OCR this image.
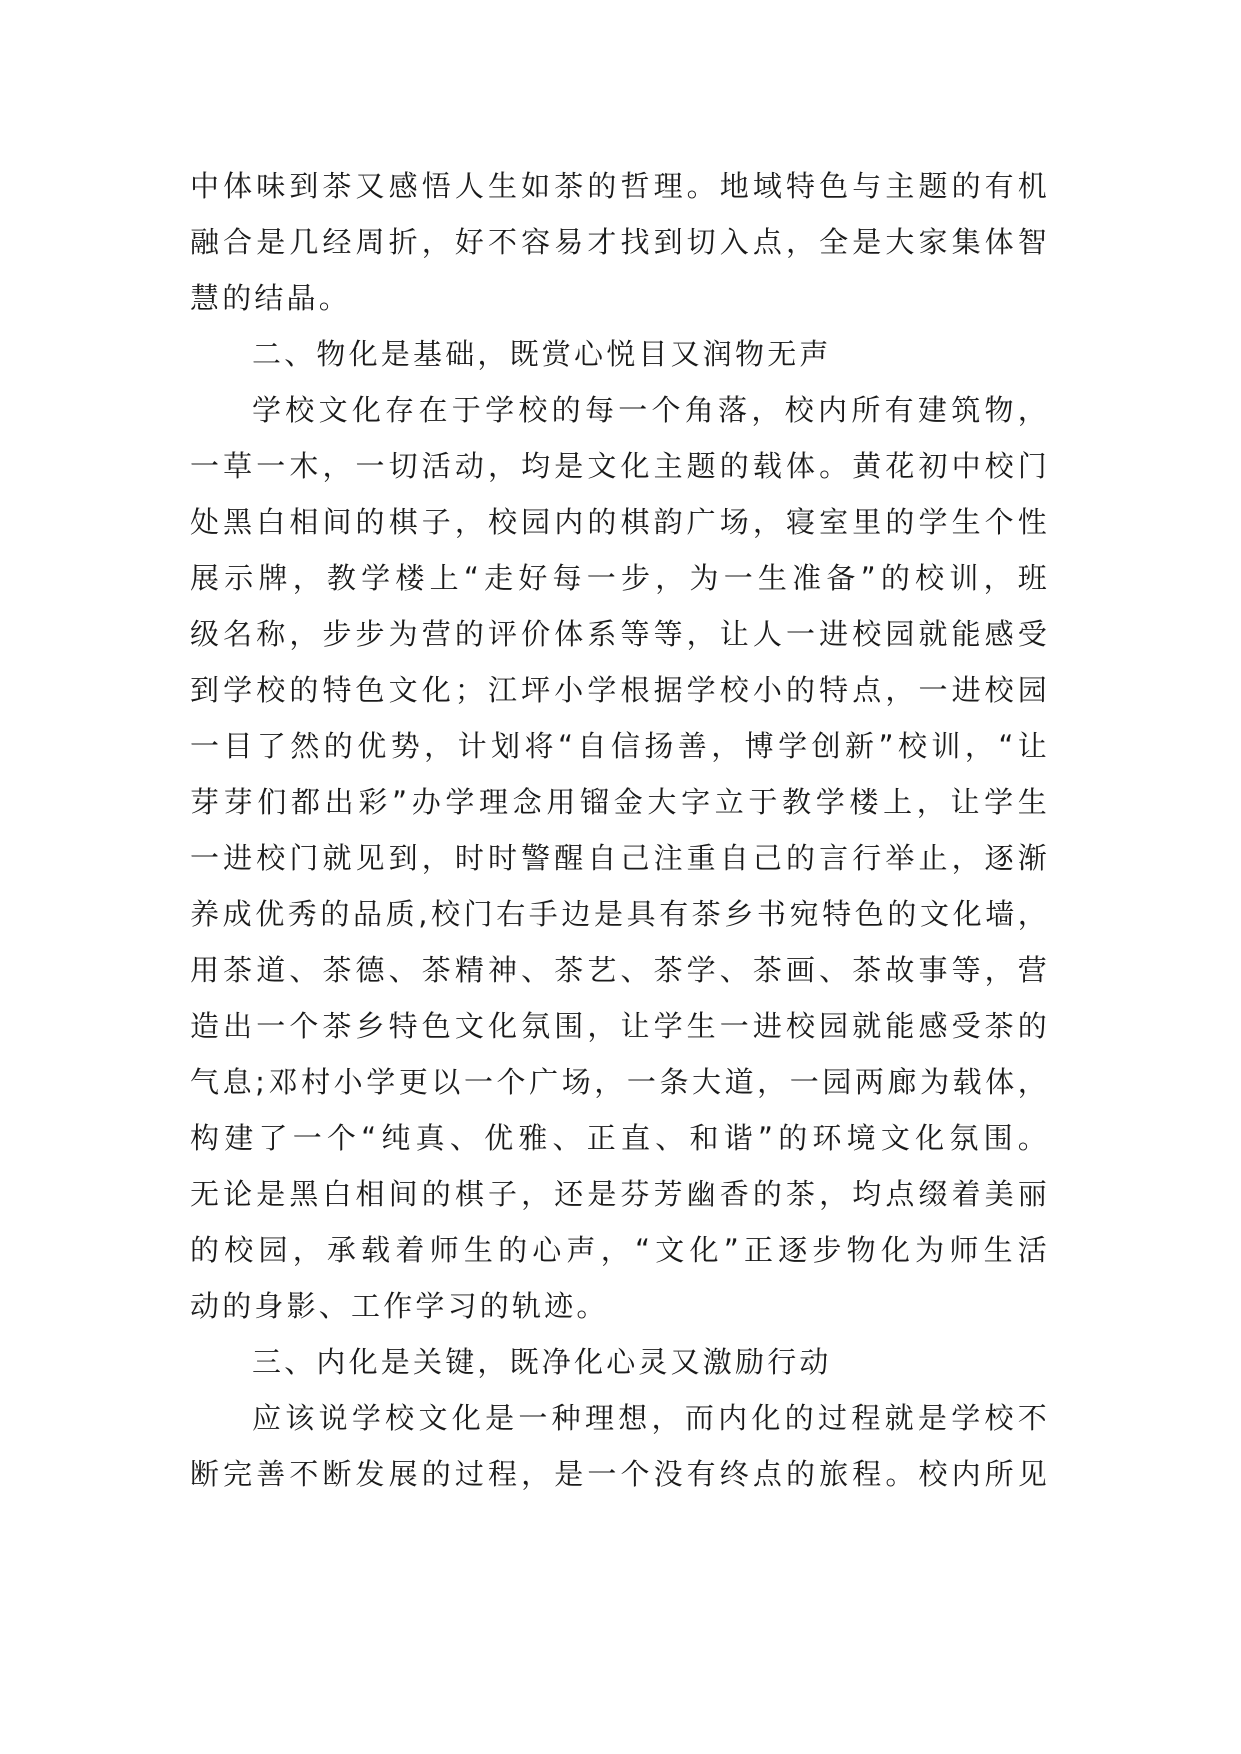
中体味到茶又感悟人生如茶的哲理。地域特色与主题的有机
融合是几经周折，好不容易才找到切入点，全是大家集体智
慧的结晶。
二、物化是基础，既赏心悦目又润物无声
学校文化存在于学校的每一个角落，校内所有建筑物，
一草一木，一切活动，均是文化主题的载体。黄花初中校门
处黑白相间的棋子，校园内的棋韵广场，寝室里的学生个性
展示牌，教学楼上“走好每一步，为一生准备”的校训，班
级名称，步步为营的评价体系等等，让人一进校园就能感受
到学校的特色文化；江坪小学根据学校小的特点，一进校园
一目了然的优势，计划将“自信扬善，博学创新”校训，“让
芽芽们都出彩”办学理念用镏金大字立于教学楼上，让学生
一进校门就见到，时时警醒自己注重自己的言行举止，逐渐
养成优秀的品质,校门右手边是具有茶乡书宛特色的文化墙，
用茶道、茶德、茶精神、茶艺、茶学、茶画、茶故事等，营
造出一个茶乡特色文化氛围，让学生一进校园就能感受茶的
气息;邓村小学更以一个广场，一条大道，一园两廊为载体，
构建了一个“纯真、优雅、正直、和谐”的环境文化氛围。
无论是黑白相间的棋子，还是芬芳幽香的茶，均点缀着美丽
的校园，承载着师生的心声，“文化”正逐步物化为师生活
动的身影、工作学习的轨迹。
三、内化是关键，既净化心灵又激励行动
应该说学校文化是一种理想，而内化的过程就是学校不
断完善不断发展的过程，是一个没有终点的旅程。校内所见
